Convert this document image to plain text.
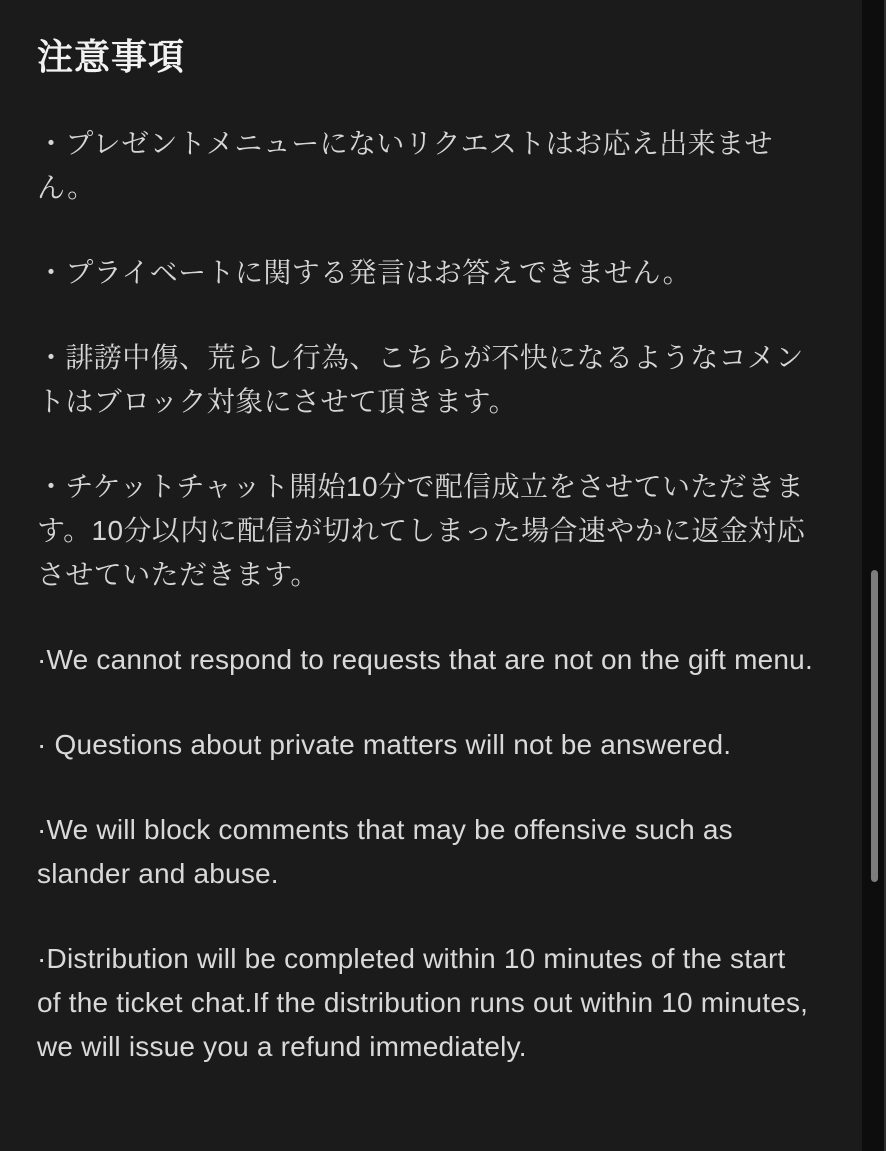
注意事項

・プレゼントメニューにないリクエストはお応え出来ません。

・プライベートに関する発言はお答えできません。

・誹謗中傷、荒らし行為、こちらが不快になるようなコメントはブロック対象にさせて頂きます。

・チケットチャット開始10分で配信成立をさせていただきます。10分以内に配信が切れてしまった場合速やかに返金対応させていただきます。

·We cannot respond to requests that are not on the gift menu.

· Questions about private matters will not be answered.

·We will block comments that may be offensive such as slander and abuse.

·Distribution will be completed within 10 minutes of the start of the ticket chat.If the distribution runs out within 10 minutes, we will issue you a refund immediately.
